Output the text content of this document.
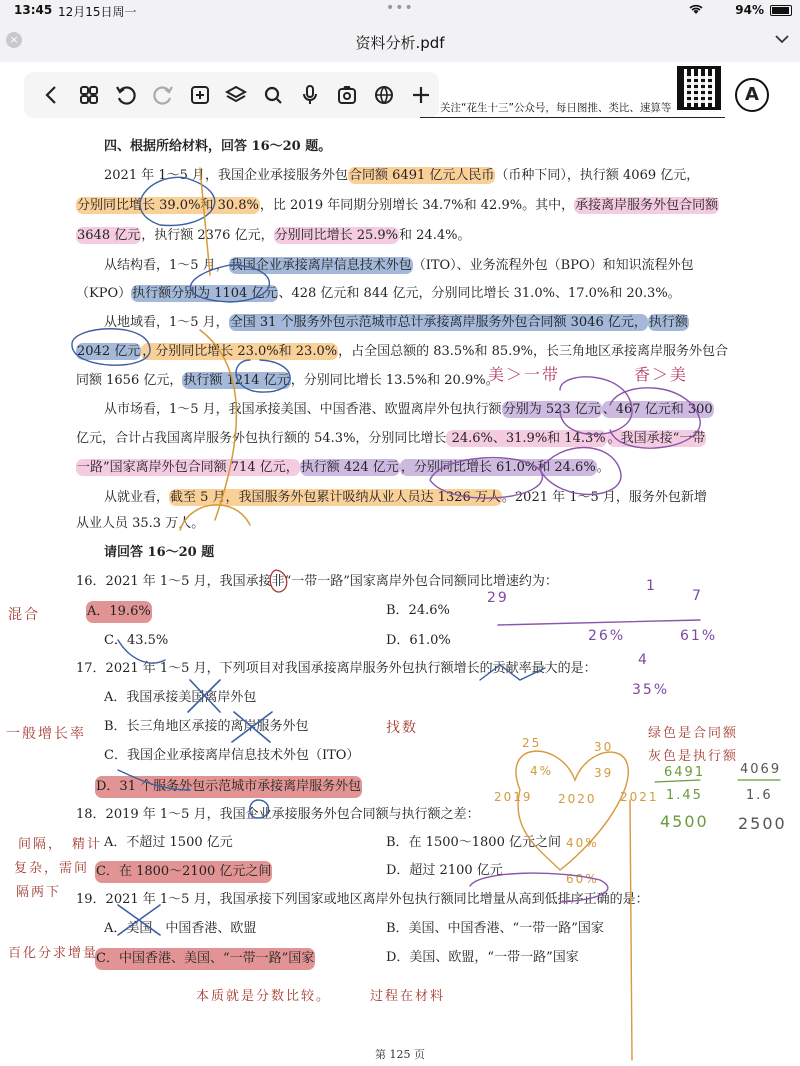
13:45 12月15日周一	•••	94%
×	资料分析.pdf
关注“花生十三”公众号，每日图推、类比、速算等
A
四、根据所给材料，回答 16～20 题。
2021 年 1～5 月，我国企业承接服务外包合同额 6491 亿元人民币（币种下同），执行额 4069 亿元，
分别同比增长 39.0%和 30.8%，比 2019 年同期分别增长 34.7%和 42.9%。其中，承接离岸服务外包合同额
3648 亿元，执行额 2376 亿元，分别同比增长 25.9%和 24.4%。
从结构看，1～5 月，我国企业承接离岸信息技术外包（ITO）、业务流程外包（BPO）和知识流程外包
（KPO）执行额分别为 1104 亿元、428 亿元和 844 亿元，分别同比增长 31.0%、17.0%和 20.3%。
从地域看，1～5 月，全国 31 个服务外包示范城市总计承接离岸服务外包合同额 3046 亿元， 执行额
2042 亿元 ，分别同比增长 23.0%和 23.0%，占全国总额的 83.5%和 85.9%，长三角地区承接离岸服务外包合
同额 1656 亿元，执行额 1214 亿元，分别同比增长 13.5%和 20.9%。
从市场看，1～5 月，我国承接美国、中国香港、欧盟离岸外包执行额分别为 523 亿元 、467 亿元和 300
亿元，合计占我国离岸服务外包执行额的 54.3%，分别同比增长 24.6%、31.9%和 14.3% 。我国承接“一带
一路”国家离岸外包合同额 714 亿元， 执行额 424 亿元 ，分别同比增长 61.0%和 24.6%。
从就业看，截至 5 月，我国服务外包累计吸纳从业人员达 1326 万人。2021 年 1～5 月，服务外包新增
从业人员 35.3 万人。
请回答 16～20 题
16．2021 年 1～5 月，我国承接非“一带一路”国家离岸外包合同额同比增速约为：
A．19.6%	B．24.6%
C．43.5%	D．61.0%
17．2021 年 1～5 月，下列项目对我国承接离岸服务外包执行额增长的贡献率最大的是：
A．我国承接美国离岸外包
B．长三角地区承接的离岸服务外包
C．我国企业承接离岸信息技术外包（ITO）
D．31 个服务外包示范城市承接离岸服务外包
18．2019 年 1～5 月，我国企业承接服务外包合同额与执行额之差：
A．不超过 1500 亿元	B．在 1500～1800 亿元之间
C．在 1800～2100 亿元之间	D．超过 2100 亿元
19．2021 年 1～5 月，我国承接下列国家或地区离岸外包执行额同比增量从高到低排序正确的是：
A．美国、中国香港、欧盟	B．美国、中国香港、“一带一路”国家
C．中国香港、美国、“一带一路”国家	D．美国、欧盟，“一带一路”国家
第 125 页
混合
一般增长率	找数
间隔， 精计
复杂，需间
隔两下
百化分求增量
本质就是分数比较。	过程在材料
绿色是合同额
灰色是执行额
美＞一带	香＞美
29	7
1
26%	61%
4
35%
2019 2020 2021
25	30
4%	39
40%
60%
6491
1.45
4500
4069
1.6
2500
